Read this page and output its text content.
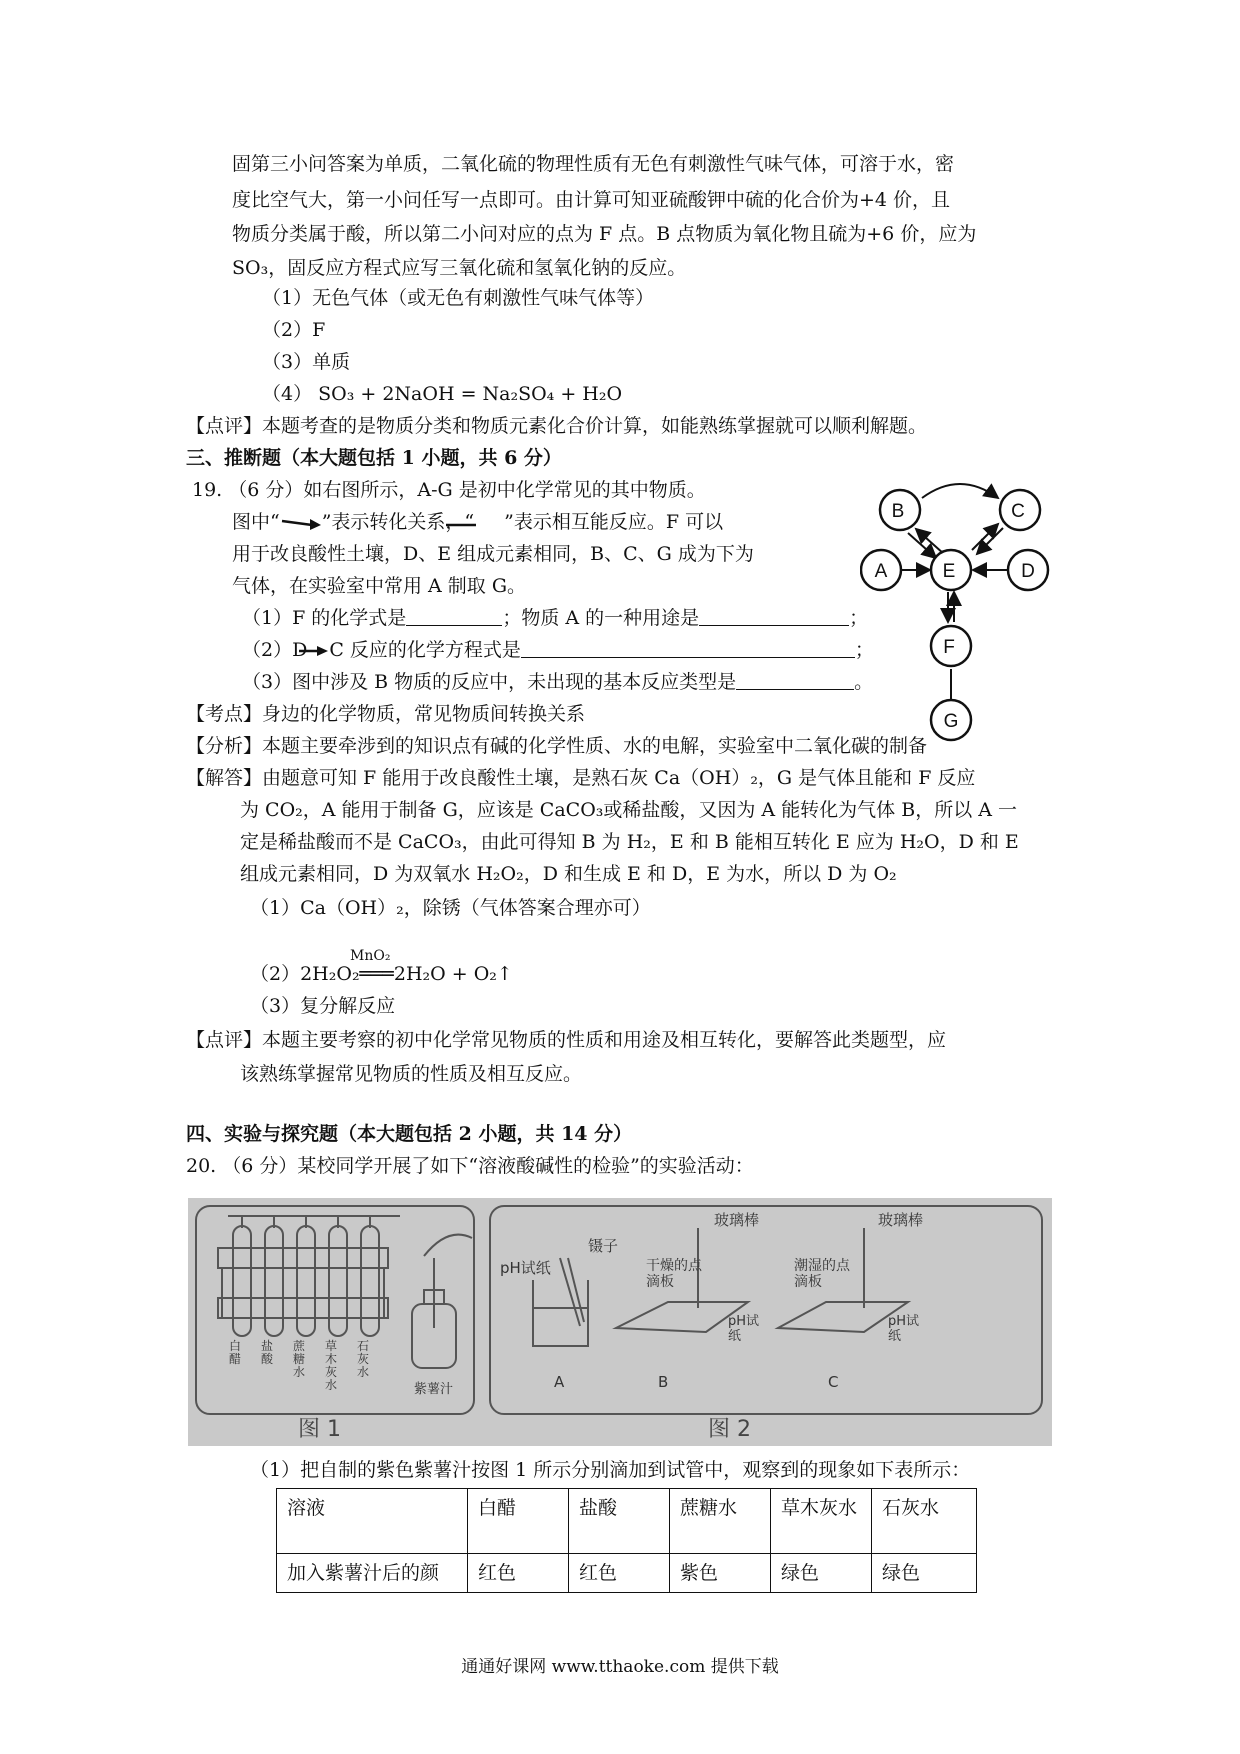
固第三小问答案为单质，二氧化硫的物理性质有无色有刺激性气味气体，可溶于水，密
度比空气大，第一小问任写一点即可。由计算可知亚硫酸钾中硫的化合价为+4 价，且
物质分类属于酸，所以第二小问对应的点为 F 点。B 点物质为氧化物且硫为+6 价，应为
SO₃，固反应方程式应写三氧化硫和氢氧化钠的反应。
（1）无色气体（或无色有刺激性气味气体等）
（2）F
（3）单质
（4） SO₃ + 2NaOH = Na₂SO₄ + H₂O
【点评】本题考查的是物质分类和物质元素化合价计算，如能熟练掌握就可以顺利解题。
三、推断题（本大题包括 1 小题，共 6 分）
19. （6 分）如右图所示，A-G 是初中化学常见的其中物质。
图中“ ”表示转化关系，“ ”表示相互能反应。F 可以
用于改良酸性土壤，D、E 组成元素相同，B、C、G 成为下为
气体，在实验室中常用 A 制取 G。
（1）F 的化学式是	；物质 A 的一种用途是	；
（2）D C 反应的化学方程式是	；
（3）图中涉及 B 物质的反应中，未出现的基本反应类型是	。
B	C
A	E	D
F
G
【考点】身边的化学物质，常见物质间转换关系
【分析】本题主要牵涉到的知识点有碱的化学性质、水的电解，实验室中二氧化碳的制备
【解答】由题意可知 F 能用于改良酸性土壤，是熟石灰 Ca（OH）₂，G 是气体且能和 F 反应
为 CO₂，A 能用于制备 G，应该是 CaCO₃或稀盐酸，又因为 A 能转化为气体 B，所以 A 一
定是稀盐酸而不是 CaCO₃，由此可得知 B 为 H₂，E 和 B 能相互转化 E 应为 H₂O，D 和 E
组成元素相同，D 为双氧水 H₂O₂，D 和生成 E 和 D，E 为水，所以 D 为 O₂
（1）Ca（OH）₂，除锈（气体答案合理亦可）
MnO₂
（2）2H₂O₂═══2H₂O + O₂↑
（3）复分解反应
【点评】本题主要考察的初中化学常见物质的性质和用途及相互转化，要解答此类题型，应
该熟练掌握常见物质的性质及相互反应。
四、实验与探究题（本大题包括 2 小题，共 14 分）
20. （6 分）某校同学开展了如下“溶液酸碱性的检验”的实验活动：
图 1	图 2
白醋
盐酸
蔗糖水
草木灰水
石灰水
紫薯汁
镊子
pH试纸
玻璃棒	玻璃棒
干燥的点滴板
潮湿的点滴板
pH试纸
pH试纸
A	B	C
（1）把自制的紫色紫薯汁按图 1 所示分别滴加到试管中，观察到的现象如下表所示：
溶液	白醋	盐酸	蔗糖水	草木灰水	石灰水
加入紫薯汁后的颜	红色	红色	紫色	绿色	绿色
通通好课网 www.tthaoke.com 提供下载
